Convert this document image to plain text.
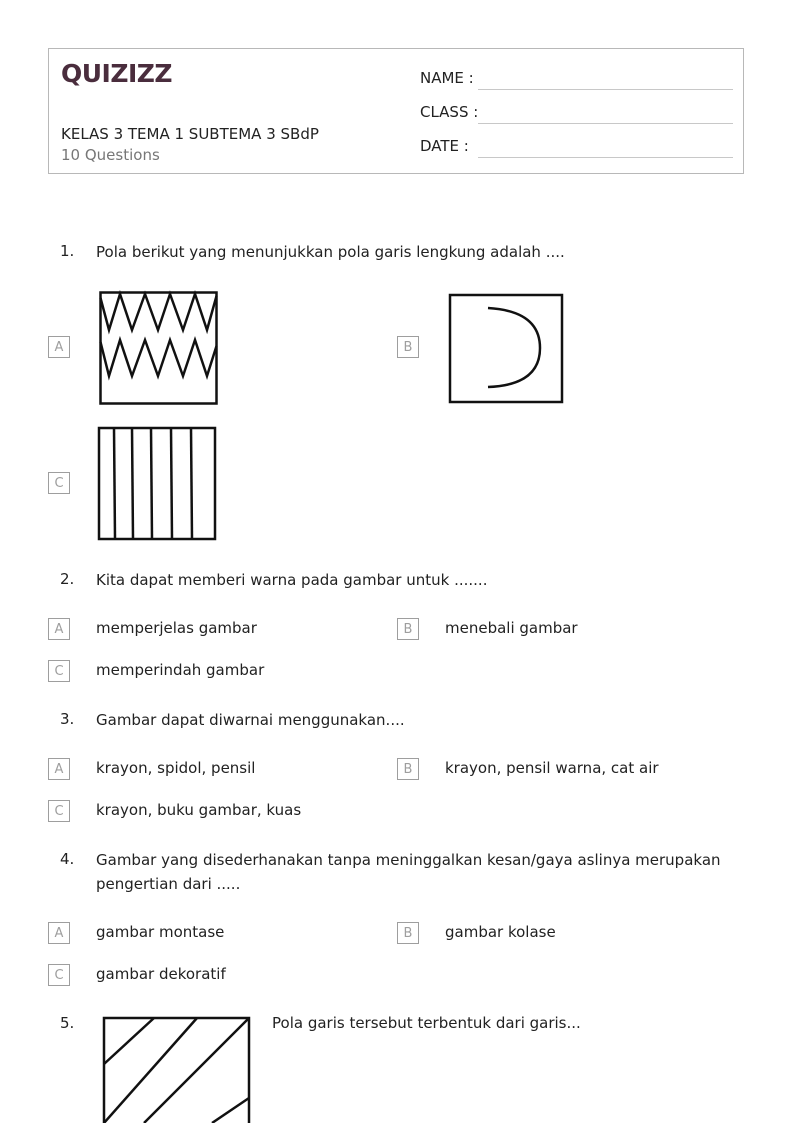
QUIZIZZ
KELAS 3 TEMA 1 SUBTEMA 3 SBdP
10 Questions
NAME :
CLASS :
DATE :
1. Pola berikut yang menunjukkan pola garis lengkung adalah ....
A	B
C
2. Kita dapat memberi warna pada gambar untuk .......
A	memperjelas gambar	B	menebali gambar
C	memperindah gambar
3. Gambar dapat diwarnai menggunakan....
A	krayon, spidol, pensil	B	krayon, pensil warna, cat air
C	krayon, buku gambar, kuas
4. Gambar yang disederhanakan tanpa meninggalkan kesan/gaya aslinya merupakan
pengertian dari .....
A	gambar montase	B	gambar kolase
C	gambar dekoratif
5.	Pola garis tersebut terbentuk dari garis...
